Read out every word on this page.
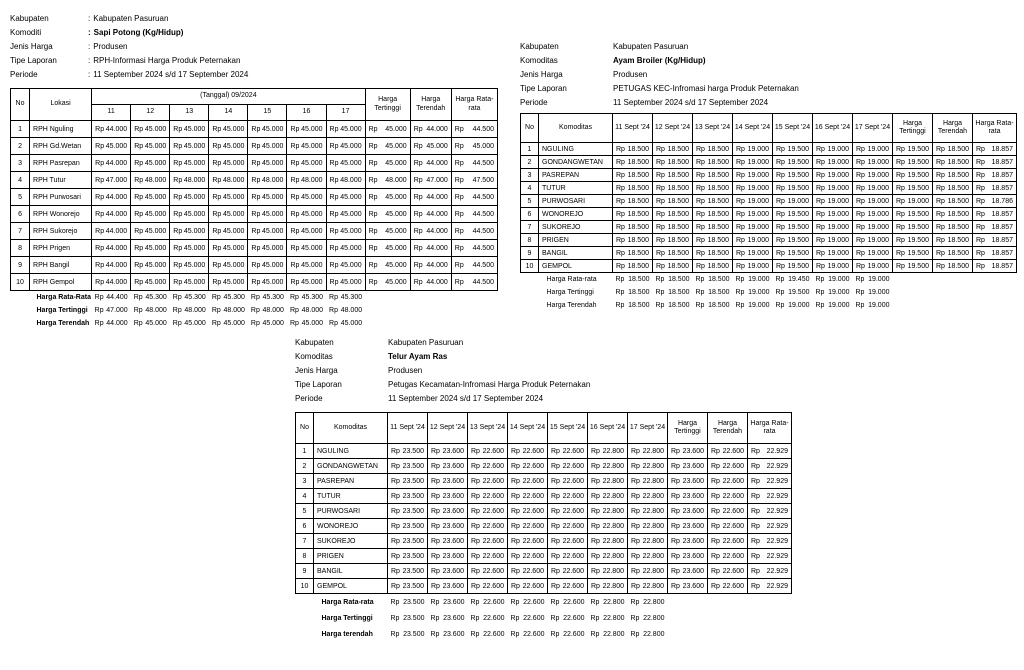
Kabupaten	: Kabupaten Pasuruan
Komoditi	: Sapi Potong (Kg/Hidup)
Jenis Harga	: Produsen
Tipe Laporan	: RPH-Informasi Harga Produk Peternakan
Periode	: 11 September 2024 s/d 17 September 2024
No	Lokasi	(Tanggal) 09/2024							Harga Tertinggi	Harga Terendah	Harga Rata-rata
		11	12	13	14	15	16	17			
1	RPH Nguling	Rp 44.000	Rp 45.000	Rp 45.000	Rp 45.000	Rp 45.000	Rp 45.000	Rp 45.000	Rp 45.000	Rp 44.000	Rp 44.500

2	RPH Gd.Wetan	Rp 45.000	Rp 45.000	Rp 45.000	Rp 45.000	Rp 45.000	Rp 45.000	Rp 45.000	Rp 45.000	Rp 45.000	Rp 45.000

3	RPH Pasrepan	Rp 44.000	Rp 45.000	Rp 45.000	Rp 45.000	Rp 45.000	Rp 45.000	Rp 45.000	Rp 45.000	Rp 44.000	Rp 44.500

4	RPH Tutur	Rp 47.000	Rp 48.000	Rp 48.000	Rp 48.000	Rp 48.000	Rp 48.000	Rp 48.000	Rp 48.000	Rp 47.000	Rp 47.500

5	RPH Purwosari	Rp 44.000	Rp 45.000	Rp 45.000	Rp 45.000	Rp 45.000	Rp 45.000	Rp 45.000	Rp 45.000	Rp 44.000	Rp 44.500

6	RPH Wonorejo	Rp 44.000	Rp 45.000	Rp 45.000	Rp 45.000	Rp 45.000	Rp 45.000	Rp 45.000	Rp 45.000	Rp 44.000	Rp 44.500

7	RPH Sukorejo	Rp 44.000	Rp 45.000	Rp 45.000	Rp 45.000	Rp 45.000	Rp 45.000	Rp 45.000	Rp 45.000	Rp 44.000	Rp 44.500

8	RPH Prigen	Rp 44.000	Rp 45.000	Rp 45.000	Rp 45.000	Rp 45.000	Rp 45.000	Rp 45.000	Rp 45.000	Rp 44.000	Rp 44.500

9	RPH Bangil	Rp 44.000	Rp 45.000	Rp 45.000	Rp 45.000	Rp 45.000	Rp 45.000	Rp 45.000	Rp 45.000	Rp 44.000	Rp 44.500

10	RPH Gempol	Rp 44.000	Rp 45.000	Rp 45.000	Rp 45.000	Rp 45.000	Rp 45.000	Rp 45.000	Rp 45.000	Rp 44.000	Rp 44.500

Harga Rata-Rata		Rp 44.400	Rp 45.300	Rp 45.300	Rp 45.300	Rp 45.300	Rp 45.300	Rp 45.300			

Harga Tertinggi		Rp 47.000	Rp 48.000	Rp 48.000	Rp 48.000	Rp 48.000	Rp 48.000	Rp 48.000			

Harga Terendah		Rp 44.000	Rp 45.000	Rp 45.000	Rp 45.000	Rp 45.000	Rp 45.000	Rp 45.000			

Kabupaten	Kabupaten Pasuruan
Komoditas	Ayam Broiler (Kg/Hidup)
Jenis Harga	Produsen
Tipe Laporan	PETUGAS KEC-Infromasi harga Produk Peternakan
Periode	11 September 2024 s/d 17 September 2024
No	Komoditas	11 Sept '24	12 Sept '24	13 Sept '24	14 Sept '24	15 Sept '24	16 Sept '24	17 Sept '24	Harga Tertinggi	Harga Terendah	Harga Rata-rata
1	NGULING	Rp 18.500	Rp 18.500	Rp 18.500	Rp 19.000	Rp 19.500	Rp 19.000	Rp 19.000	Rp 19.500	Rp 18.500	Rp 18.857

2	GONDANGWETAN	Rp 18.500	Rp 18.500	Rp 18.500	Rp 19.000	Rp 19.500	Rp 19.000	Rp 19.000	Rp 19.500	Rp 18.500	Rp 18.857

3	PASREPAN	Rp 18.500	Rp 18.500	Rp 18.500	Rp 19.000	Rp 19.500	Rp 19.000	Rp 19.000	Rp 19.500	Rp 18.500	Rp 18.857

4	TUTUR	Rp 18.500	Rp 18.500	Rp 18.500	Rp 19.000	Rp 19.500	Rp 19.000	Rp 19.000	Rp 19.500	Rp 18.500	Rp 18.857

5	PURWOSARI	Rp 18.500	Rp 18.500	Rp 18.500	Rp 19.000	Rp 19.000	Rp 19.000	Rp 19.000	Rp 19.000	Rp 18.500	Rp 18.786

6	WONOREJO	Rp 18.500	Rp 18.500	Rp 18.500	Rp 19.000	Rp 19.500	Rp 19.000	Rp 19.000	Rp 19.500	Rp 18.500	Rp 18.857

7	SUKOREJO	Rp 18.500	Rp 18.500	Rp 18.500	Rp 19.000	Rp 19.500	Rp 19.000	Rp 19.000	Rp 19.500	Rp 18.500	Rp 18.857

8	PRIGEN	Rp 18.500	Rp 18.500	Rp 18.500	Rp 19.000	Rp 19.500	Rp 19.000	Rp 19.000	Rp 19.500	Rp 18.500	Rp 18.857

9	BANGIL	Rp 18.500	Rp 18.500	Rp 18.500	Rp 19.000	Rp 19.500	Rp 19.000	Rp 19.000	Rp 19.500	Rp 18.500	Rp 18.857

10	GEMPOL	Rp 18.500	Rp 18.500	Rp 18.500	Rp 19.000	Rp 19.500	Rp 19.000	Rp 19.000	Rp 19.500	Rp 18.500	Rp 18.857

Harga Rata-rata		Rp 18.500	Rp 18.500	Rp 18.500	Rp 19.000	Rp 19.450	Rp 19.000	Rp 19.000			

Harga Tertinggi		Rp 18.500	Rp 18.500	Rp 18.500	Rp 19.000	Rp 19.500	Rp 19.000	Rp 19.000			

Harga Terendah		Rp 18.500	Rp 18.500	Rp 18.500	Rp 19.000	Rp 19.000	Rp 19.000	Rp 19.000			

Kabupaten	Kabupaten Pasuruan
Komoditas	Telur Ayam Ras
Jenis Harga	Produsen
Tipe Laporan	Petugas Kecamatan-Infromasi Harga Produk Peternakan
Periode	11 September 2024 s/d 17 September 2024
No	Komoditas	11 Sept '24	12 Sept '24	13 Sept '24	14 Sept '24	15 Sept '24	16 Sept '24	17 Sept '24	Harga Tertinggi	Harga Terendah	Harga Rata-rata
1	NGULING	Rp 23.500	Rp 23.600	Rp 22.600	Rp 22.600	Rp 22.600	Rp 22.800	Rp 22.800	Rp 23.600	Rp 22.600	Rp 22.929

2	GONDANGWETAN	Rp 23.500	Rp 23.600	Rp 22.600	Rp 22.600	Rp 22.600	Rp 22.800	Rp 22.800	Rp 23.600	Rp 22.600	Rp 22.929

3	PASREPAN	Rp 23.500	Rp 23.600	Rp 22.600	Rp 22.600	Rp 22.600	Rp 22.800	Rp 22.800	Rp 23.600	Rp 22.600	Rp 22.929

4	TUTUR	Rp 23.500	Rp 23.600	Rp 22.600	Rp 22.600	Rp 22.600	Rp 22.800	Rp 22.800	Rp 23.600	Rp 22.600	Rp 22.929

5	PURWOSARI	Rp 23.500	Rp 23.600	Rp 22.600	Rp 22.600	Rp 22.600	Rp 22.800	Rp 22.800	Rp 23.600	Rp 22.600	Rp 22.929

6	WONOREJO	Rp 23.500	Rp 23.600	Rp 22.600	Rp 22.600	Rp 22.600	Rp 22.800	Rp 22.800	Rp 23.600	Rp 22.600	Rp 22.929

7	SUKOREJO	Rp 23.500	Rp 23.600	Rp 22.600	Rp 22.600	Rp 22.600	Rp 22.800	Rp 22.800	Rp 23.600	Rp 22.600	Rp 22.929

8	PRIGEN	Rp 23.500	Rp 23.600	Rp 22.600	Rp 22.600	Rp 22.600	Rp 22.800	Rp 22.800	Rp 23.600	Rp 22.600	Rp 22.929

9	BANGIL	Rp 23.500	Rp 23.600	Rp 22.600	Rp 22.600	Rp 22.600	Rp 22.800	Rp 22.800	Rp 23.600	Rp 22.600	Rp 22.929

10	GEMPOL	Rp 23.500	Rp 23.600	Rp 22.600	Rp 22.600	Rp 22.600	Rp 22.800	Rp 22.800	Rp 23.600	Rp 22.600	Rp 22.929

Harga Rata-rata		Rp 23.500	Rp 23.600	Rp 22.600	Rp 22.600	Rp 22.600	Rp 22.800	Rp 22.800			

Harga Tertinggi		Rp 23.500	Rp 23.600	Rp 22.600	Rp 22.600	Rp 22.600	Rp 22.800	Rp 22.800			

Harga terendah		Rp 23.500	Rp 23.600	Rp 22.600	Rp 22.600	Rp 22.600	Rp 22.800	Rp 22.800			
